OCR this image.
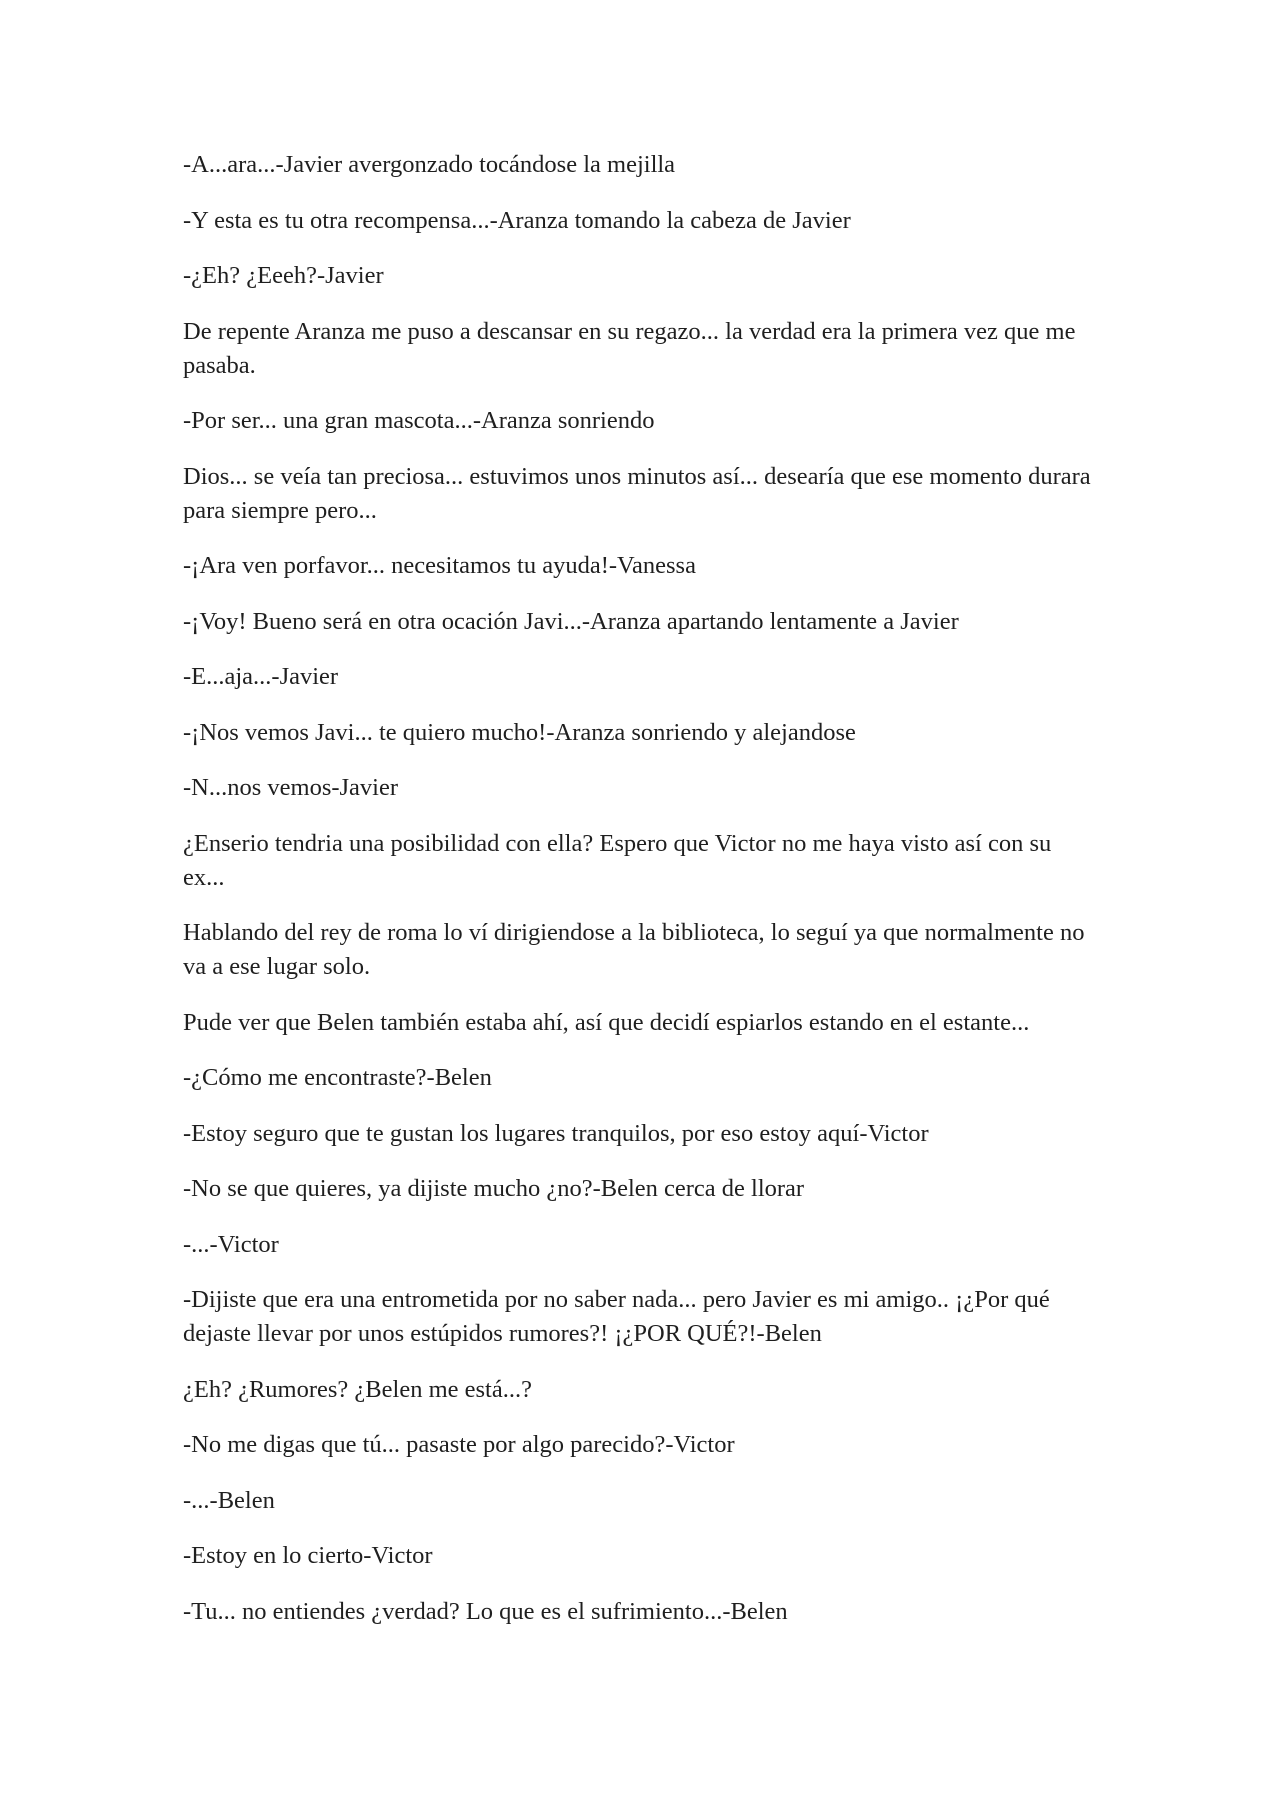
-A...ara...-Javier avergonzado tocándose la mejilla

-Y esta es tu otra recompensa...-Aranza tomando la cabeza de Javier

-¿Eh? ¿Eeeh?-Javier

De repente Aranza me puso a descansar en su regazo... la verdad era la primera vez que me pasaba.

-Por ser... una gran mascota...-Aranza sonriendo

Dios... se veía tan preciosa... estuvimos unos minutos así... desearía que ese momento durara para siempre pero...

-¡Ara ven porfavor... necesitamos tu ayuda!-Vanessa

-¡Voy! Bueno será en otra ocación Javi...-Aranza apartando lentamente a Javier

-E...aja...-Javier

-¡Nos vemos Javi... te quiero mucho!-Aranza sonriendo y alejandose

-N...nos vemos-Javier

¿Enserio tendria una posibilidad con ella? Espero que Victor no me haya visto así con su ex...

Hablando del rey de roma lo ví dirigiendose a la biblioteca, lo seguí ya que normalmente no va a ese lugar solo.

Pude ver que Belen también estaba ahí, así que decidí espiarlos estando en el estante...

-¿Cómo me encontraste?-Belen

-Estoy seguro que te gustan los lugares tranquilos, por eso estoy aquí-Victor

-No se que quieres, ya dijiste mucho ¿no?-Belen cerca de llorar

-...-Victor

-Dijiste que era una entrometida por no saber nada... pero Javier es mi amigo.. ¡¿Por qué dejaste llevar por unos estúpidos rumores?! ¡¿POR QUÉ?!-Belen

¿Eh? ¿Rumores? ¿Belen me está...?

-No me digas que tú... pasaste por algo parecido?-Victor

-...-Belen

-Estoy en lo cierto-Victor

-Tu... no entiendes ¿verdad? Lo que es el sufrimiento...-Belen
